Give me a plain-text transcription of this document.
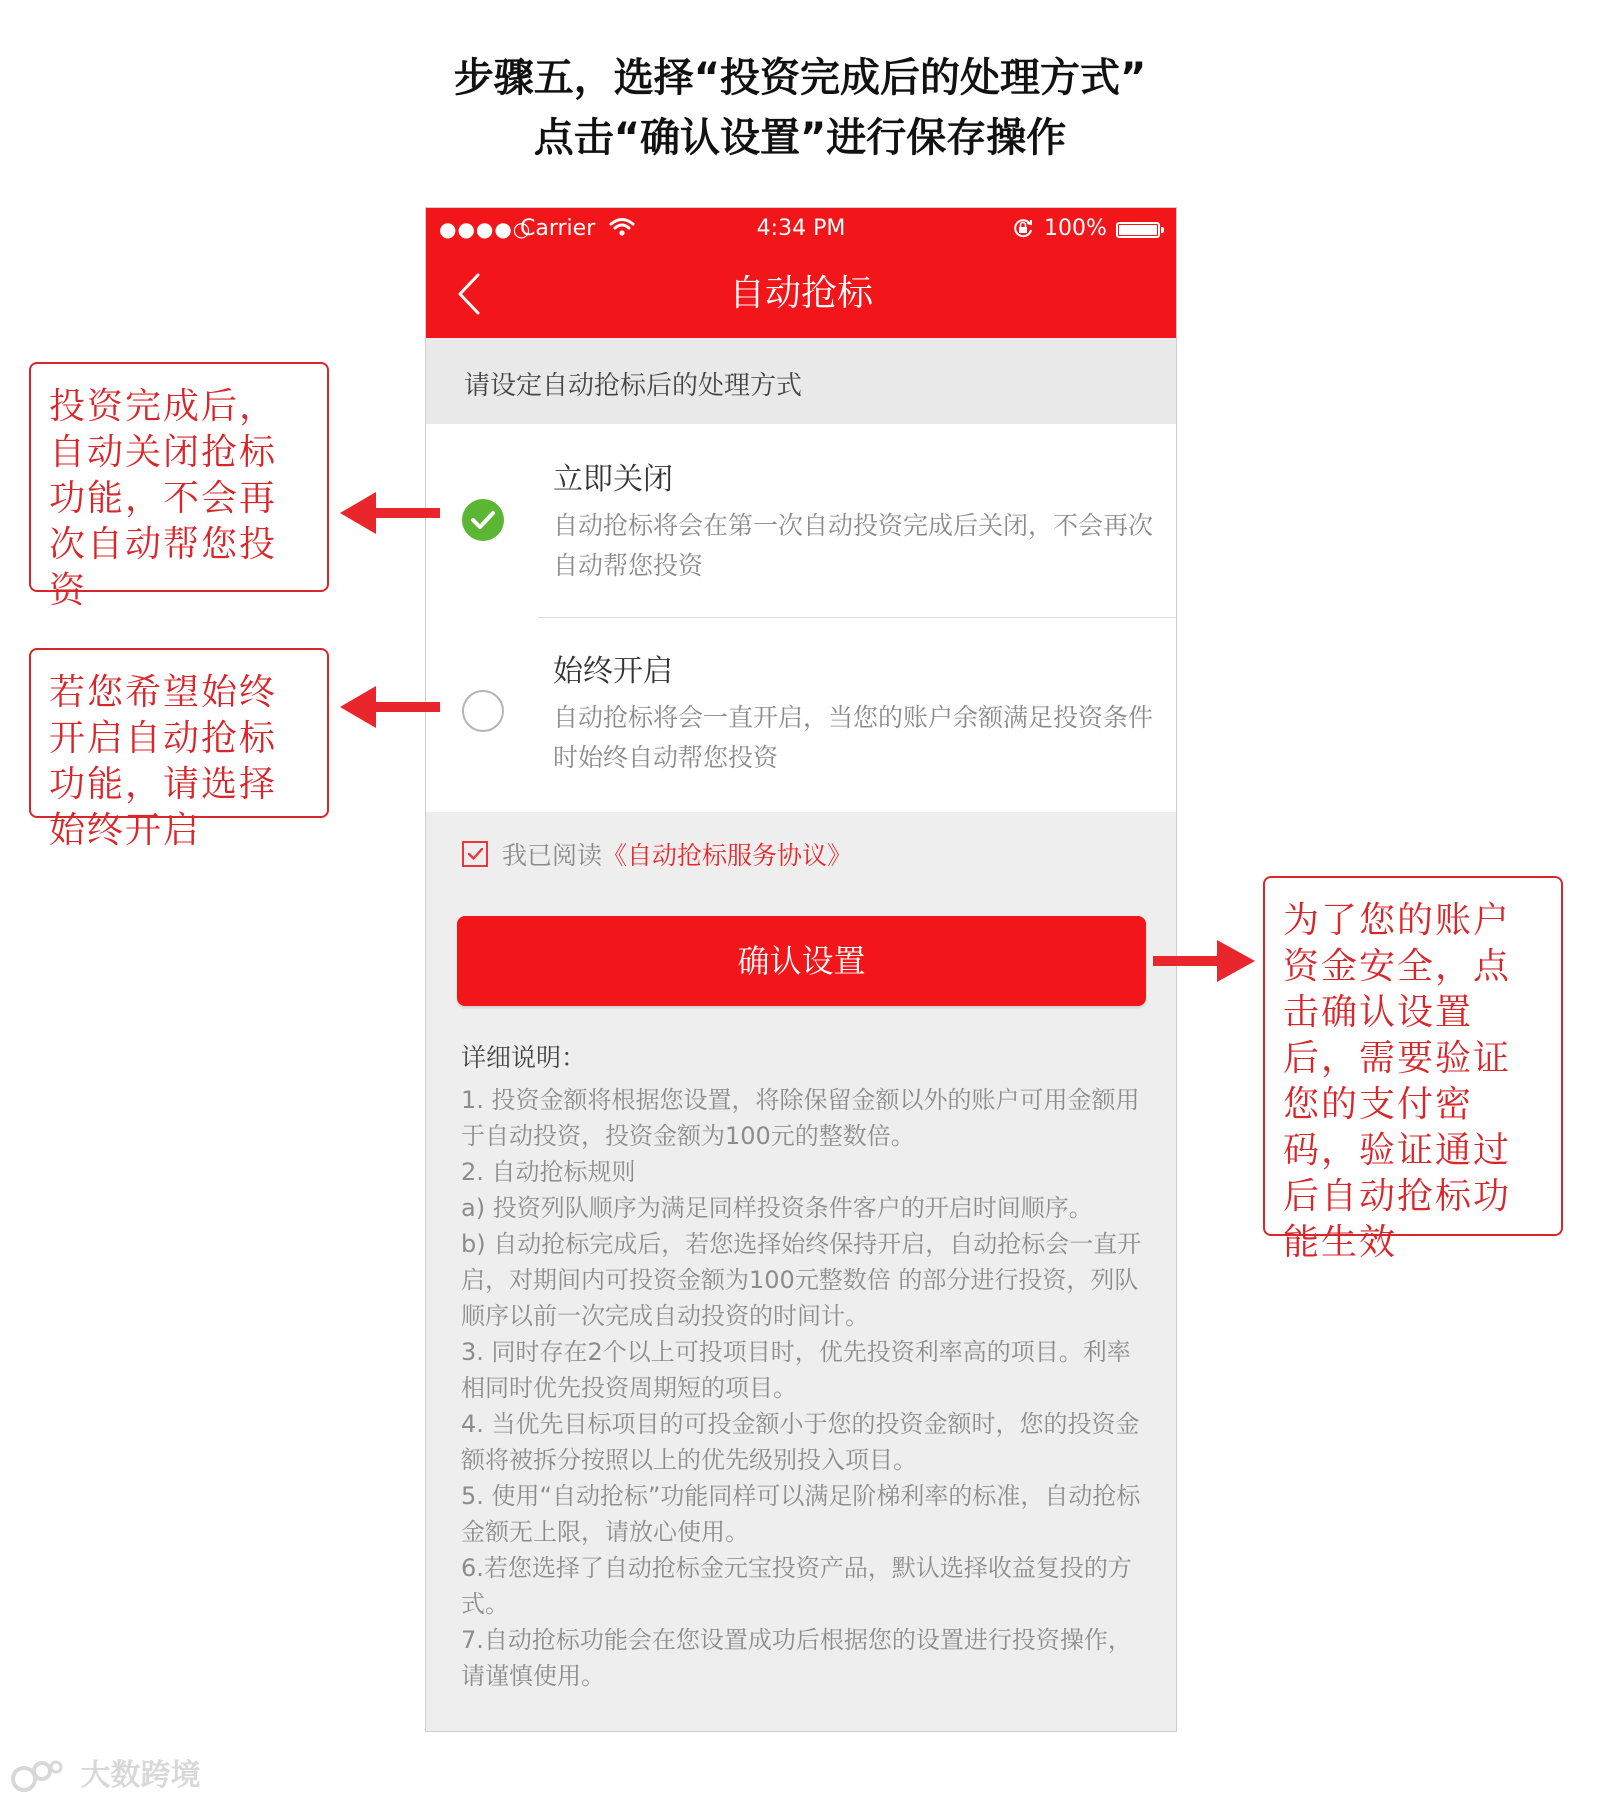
步骤五，选择“投资完成后的处理方式”
点击“确认设置”进行保存操作
●●●●○
Carrier	4:34 PM	100%
自动抢标
请设定自动抢标后的处理方式
立即关闭
自动抢标将会在第一次自动投资完成后关闭，不会再次自动帮您投资
始终开启
自动抢标将会一直开启，当您的账户余额满足投资条件时始终自动帮您投资
我已阅读《自动抢标服务协议》
确认设置
详细说明：
1. 投资金额将根据您设置，将除保留金额以外的账户可用金额用于自动投资，投资金额为100元的整数倍。
2. 自动抢标规则
a) 投资列队顺序为满足同样投资条件客户的开启时间顺序。
b) 自动抢标完成后，若您选择始终保持开启，自动抢标会一直开启，对期间内可投资金额为100元整数倍 的部分进行投资，列队顺序以前一次完成自动投资的时间计。
3. 同时存在2个以上可投项目时，优先投资利率高的项目。利率相同时优先投资周期短的项目。
4. 当优先目标项目的可投金额小于您的投资金额时，您的投资金额将被拆分按照以上的优先级别投入项目。
5. 使用“自动抢标”功能同样可以满足阶梯利率的标准，自动抢标金额无上限，请放心使用。
6.若您选择了自动抢标金元宝投资产品，默认选择收益复投的方式。
7.自动抢标功能会在您设置成功后根据您的设置进行投资操作，请谨慎使用。
投资完成后，自动关闭抢标功能，不会再次自动帮您投资
若您希望始终开启自动抢标功能，请选择始终开启
为了您的账户资金安全，点击确认设置后，需要验证您的支付密码，验证通过后自动抢标功能生效
大数跨境
